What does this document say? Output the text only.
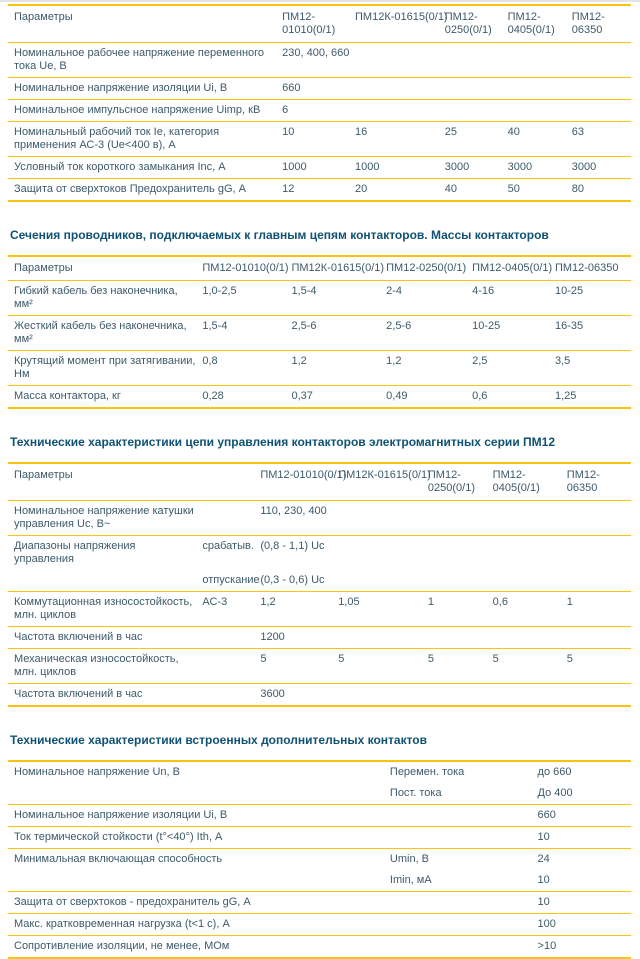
Параметры	ПМ12-01010(0/1)	ПМ12К-01615(0/1)	ПМ12-0250(0/1)	ПМ12-0405(0/1)	ПМ12-06350
Номинальное рабочее напряжение переменного тока Ue, В	230, 400, 660				
Номинальное напряжение изоляции Ui, В	660				
Номинальное импульсное напряжение Uimp, кВ	6				
Номинальный рабочий ток Ie, категория применения АС-3 (Ue<400 в), А	10	16	25	40	63
Условный ток короткого замыкания Inc, А	1000	1000	3000	3000	3000
Защита от сверхтоков Предохранитель gG, А	12	20	40	50	80
Сечения проводников, подключаемых к главным цепям контакторов. Массы контакторов
Параметры	ПМ12-01010(0/1)	ПМ12К-01615(0/1)	ПМ12-0250(0/1)	ПМ12-0405(0/1)	ПМ12-06350
Гибкий кабель без наконечника, мм²	1,0-2,5	1,5-4	2-4	4-16	10-25
Жесткий кабель без наконечника, мм²	1,5-4	2,5-6	2,5-6	10-25	16-35
Крутящий момент при затягивании, Нм	0,8	1,2	1,2	2,5	3,5
Масса контактора, кг	0,28	0,37	0,49	0,6	1,25
Технические характеристики цепи управления контакторов электромагнитных серии ПМ12
Параметры		ПМ12-01010(0/1)	ПМ12К-01615(0/1)	ПМ12-0250(0/1)	ПМ12-0405(0/1)	ПМ12-06350
Номинальное напряжение катушки управления Uc, В~		110, 230, 400				
Диапазоны напряжения управления	срабатыв.	(0,8 - 1,1) Uc				
	отпускание	(0,3 - 0,6) Uc				
Коммутационная износостойкость, млн. циклов	АС-3	1,2	1,05	1	0,6	1
Частота включений в час		1200				
Механическая износостойкость, млн. циклов		5	5	5	5	5
Частота включений в час		3600				
Технические характеристики встроенных дополнительных контактов
Номинальное напряжение Un, В	Перемен. тока	до 660
	Пост. тока	До 400
Номинальное напряжение изоляции Ui, В		660
Ток термической стойкости (t°<40°) Ith, А		10
Минимальная включающая способность	Umin, В	24
	Imin, мА	10
Защита от сверхтоков - предохранитель gG, А		10
Макс. кратковременная нагрузка (t<1 с), А		100
Сопротивление изоляции, не менее, МОм		>10
